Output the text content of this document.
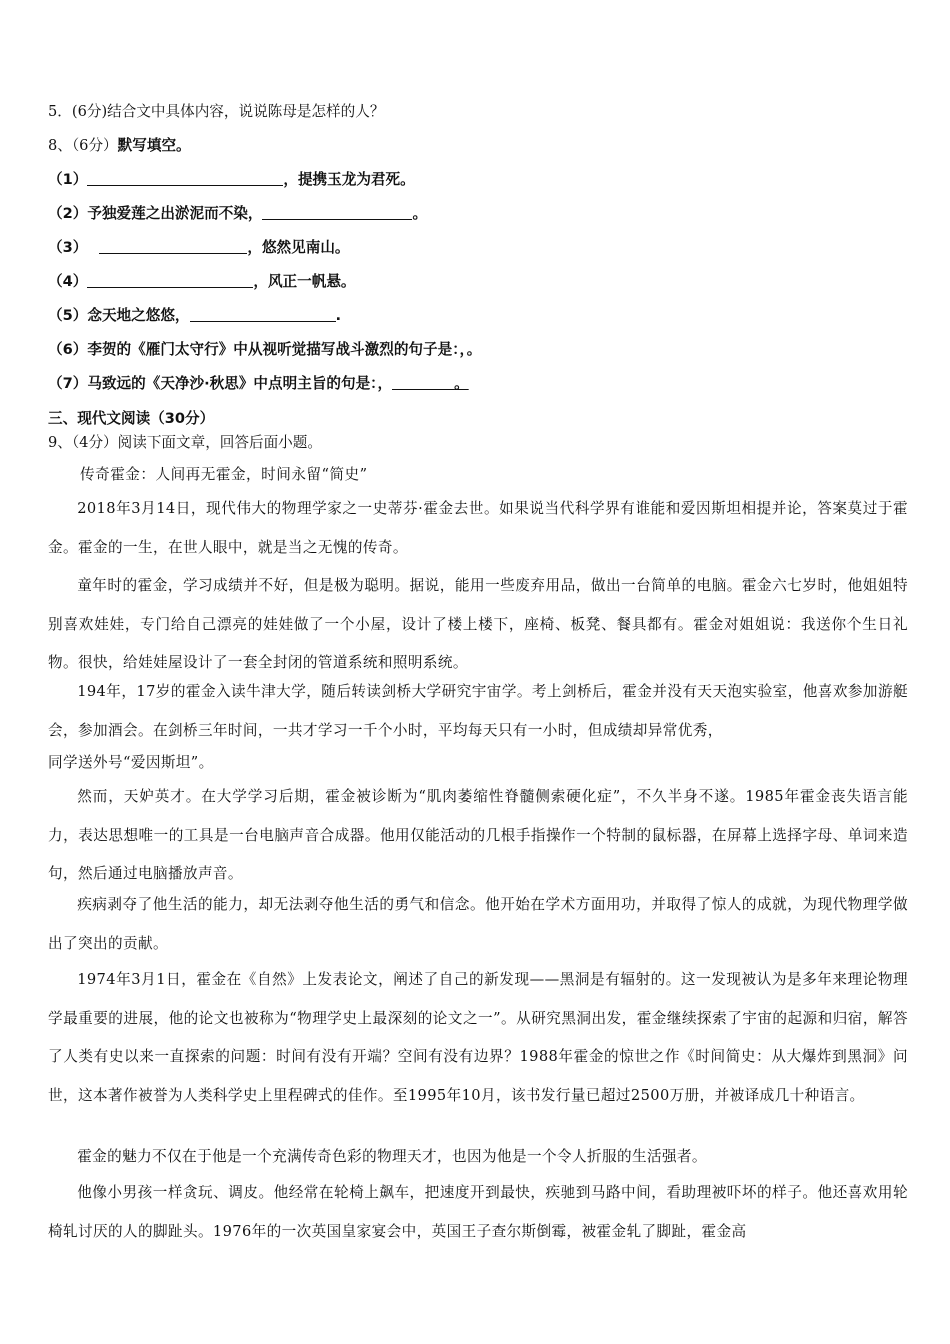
5．(6分)结合文中具体内容，说说陈母是怎样的人？
8、（6分）默写填空。
（1）	，提携玉龙为君死。
（2）予独爱莲之出淤泥而不染，	。
（3）	，悠然见南山。
（4）	，风正一帆悬。
（5）念天地之悠悠，	.
（6）李贺的《雁门太守行》中从视听觉描写战斗激烈的句子是：，。
（7）马致远的《天净沙·秋思》中点明主旨的句是：，	。
三、现代文阅读（30分）
9、（4分）阅读下面文章，回答后面小题。
传奇霍金：人间再无霍金，时间永留“简史”
2018年3月14日，现代伟大的物理学家之一史蒂芬·霍金去世。如果说当代科学界有谁能和爱因斯坦相提并论，答案莫过于霍金。霍金的一生，在世人眼中，就是当之无愧的传奇。
童年时的霍金，学习成绩并不好，但是极为聪明。据说，能用一些废弃用品，做出一台简单的电脑。霍金六七岁时，他姐姐特别喜欢娃娃，专门给自己漂亮的娃娃做了一个小屋，设计了楼上楼下，座椅、板凳、餐具都有。霍金对姐姐说：我送你个生日礼物。很快，给娃娃屋设计了一套全封闭的管道系统和照明系统。
194年，17岁的霍金入读牛津大学，随后转读剑桥大学研究宇宙学。考上剑桥后，霍金并没有天天泡实验室，他喜欢参加游艇会，参加酒会。在剑桥三年时间，一共才学习一千个小时，平均每天只有一小时，但成绩却异常优秀，
同学送外号“爱因斯坦”。
然而，天妒英才。在大学学习后期，霍金被诊断为“肌肉萎缩性脊髓侧索硬化症”，不久半身不遂。1985年霍金丧失语言能力，表达思想唯一的工具是一台电脑声音合成器。他用仅能活动的几根手指操作一个特制的鼠标器，在屏幕上选择字母、单词来造句，然后通过电脑播放声音。
疾病剥夺了他生活的能力，却无法剥夺他生活的勇气和信念。他开始在学术方面用功，并取得了惊人的成就，为现代物理学做出了突出的贡献。
1974年3月1日，霍金在《自然》上发表论文，阐述了自己的新发现——黑洞是有辐射的。这一发现被认为是多年来理论物理学最重要的进展，他的论文也被称为“物理学史上最深刻的论文之一”。从研究黑洞出发，霍金继续探索了宇宙的起源和归宿，解答了人类有史以来一直探索的问题：时间有没有开端？空间有没有边界？1988年霍金的惊世之作《时间简史：从大爆炸到黑洞》问世，这本著作被誉为人类科学史上里程碑式的佳作。至1995年10月，该书发行量已超过2500万册，并被译成几十种语言。
霍金的魅力不仅在于他是一个充满传奇色彩的物理天才，也因为他是一个令人折服的生活强者。
他像小男孩一样贪玩、调皮。他经常在轮椅上飙车，把速度开到最快，疾驰到马路中间，看助理被吓坏的样子。他还喜欢用轮椅轧讨厌的人的脚趾头。1976年的一次英国皇家宴会中，英国王子查尔斯倒霉，被霍金轧了脚趾，霍金高
